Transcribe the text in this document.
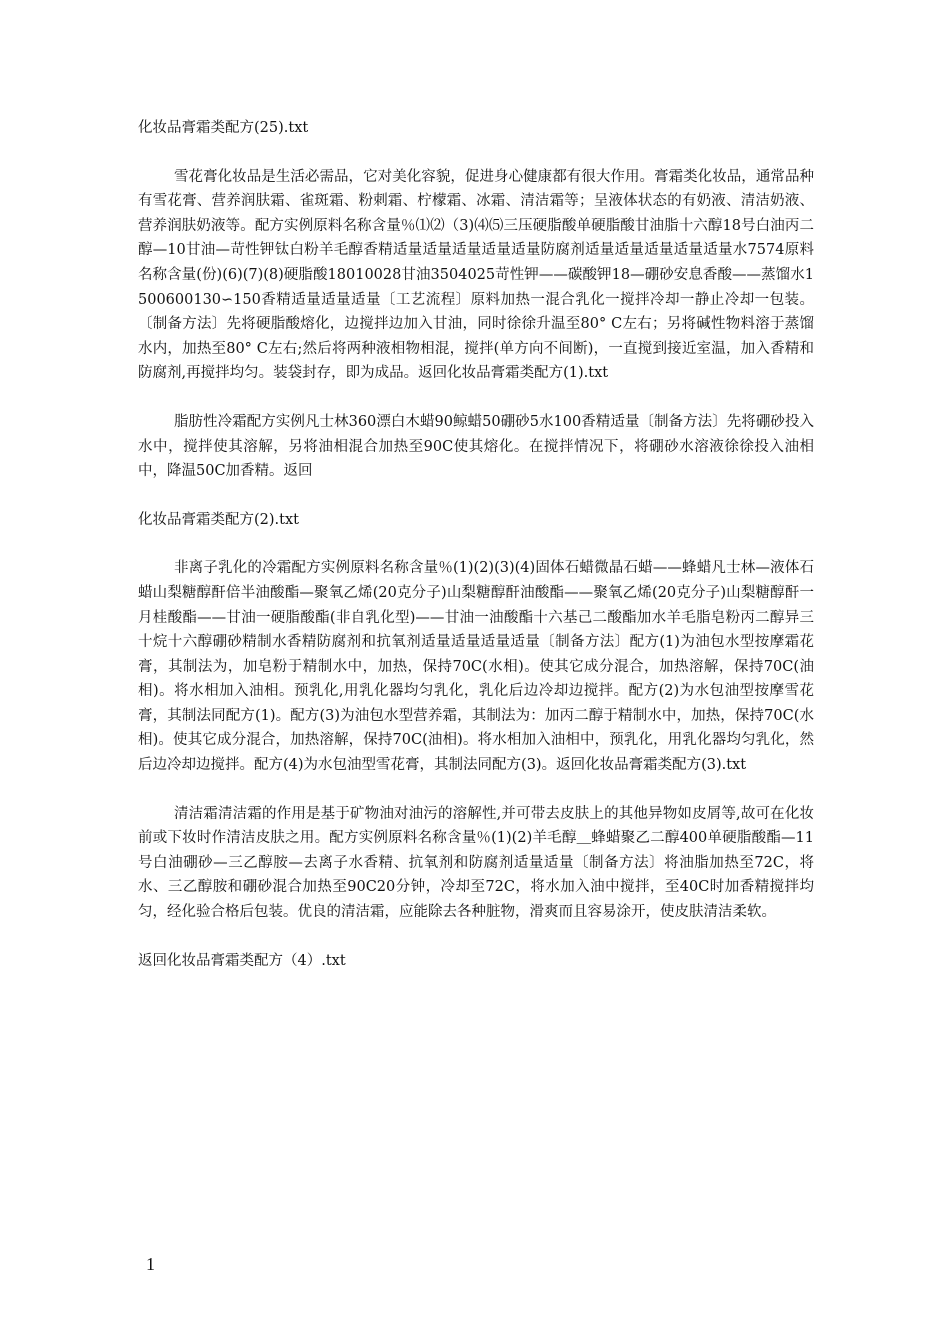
化妆品膏霜类配方(25).txt

雪花膏化妆品是生活必需品，它对美化容貌，促进身心健康都有很大作用。膏霜类化妆品，通常品种有雪花膏、营养润肤霜、雀斑霜、粉刺霜、柠檬霜、冰霜、清洁霜等；呈液体状态的有奶液、清洁奶液、营养润肤奶液等。配方实例原料名称含量％⑴⑵（3)⑷⑸三压硬脂酸单硬脂酸甘油脂十六醇18号白油丙二醇—10甘油—苛性钾钛白粉羊毛醇香精适量适量适量适量适量防腐剂适量适量适量适量适量水7574原料名称含量(份)(6)(7)(8)硬脂酸18010028甘油3504025苛性钾——碳酸钾18—硼砂安息香酸——蒸馏水1500600130∽150香精适量适量适量〔工艺流程〕原料加热一混合乳化一搅拌冷却一静止冷却一包装。〔制备方法〕先将硬脂酸熔化，边搅拌边加入甘油，同时徐徐升温至80° C左右；另将碱性物料溶于蒸馏水内，加热至80° C左右;然后将两种液相物相混，搅拌(单方向不间断)，一直搅到接近室温，加入香精和防腐剂,再搅拌均匀。装袋封存，即为成品。返回化妆品膏霜类配方(1).txt

脂肪性冷霜配方实例凡士林360漂白木蜡90鲸蜡50硼砂5水100香精适量〔制备方法〕先将硼砂投入水中，搅拌使其溶解，另将油相混合加热至90C使其熔化。在搅拌情况下，将硼砂水溶液徐徐投入油相中，降温50C加香精。返回

化妆品膏霜类配方(2).txt

非离子乳化的冷霜配方实例原料名称含量％(1)(2)(3)(4)固体石蜡微晶石蜡——蜂蜡凡士林—液体石蜡山梨糖醇酐倍半油酸酯—聚氧乙烯(20克分子)山梨糖醇酐油酸酯——聚氧乙烯(20克分子)山梨糖醇酐一月桂酸酯——甘油一硬脂酸酯(非自乳化型)——甘油一油酸酯十六基己二酸酯加水羊毛脂皂粉丙二醇异三十烷十六醇硼砂精制水香精防腐剂和抗氧剂适量适量适量适量〔制备方法〕配方(1)为油包水型按摩霜花膏，其制法为，加皂粉于精制水中，加热，保持70C(水相)。使其它成分混合，加热溶解，保持70C(油相)。将水相加入油相。预乳化,用乳化器均匀乳化，乳化后边冷却边搅拌。配方(2)为水包油型按摩雪花膏，其制法同配方(1)。配方(3)为油包水型营养霜，其制法为：加丙二醇于精制水中，加热，保持70C(水相)。使其它成分混合，加热溶解，保持70C(油相)。将水相加入油相中，预乳化，用乳化器均匀乳化，然后边冷却边搅拌。配方(4)为水包油型雪花膏，其制法同配方(3)。返回化妆品膏霜类配方(3).txt

清洁霜清洁霜的作用是基于矿物油对油污的溶解性,并可带去皮肤上的其他异物如皮屑等,故可在化妆前或下妆时作清洁皮肤之用。配方实例原料名称含量％(1)(2)羊毛醇＿蜂蜡聚乙二醇400单硬脂酸酯—11号白油硼砂—三乙醇胺—去离子水香精、抗氧剂和防腐剂适量适量〔制备方法〕将油脂加热至72C，将水、三乙醇胺和硼砂混合加热至90C20分钟，冷却至72C，将水加入油中搅拌，至40C时加香精搅拌均匀，经化验合格后包装。优良的清洁霜，应能除去各种脏物，滑爽而且容易涂开，使皮肤清洁柔软。

返回化妆品膏霜类配方（4）.txt
1
